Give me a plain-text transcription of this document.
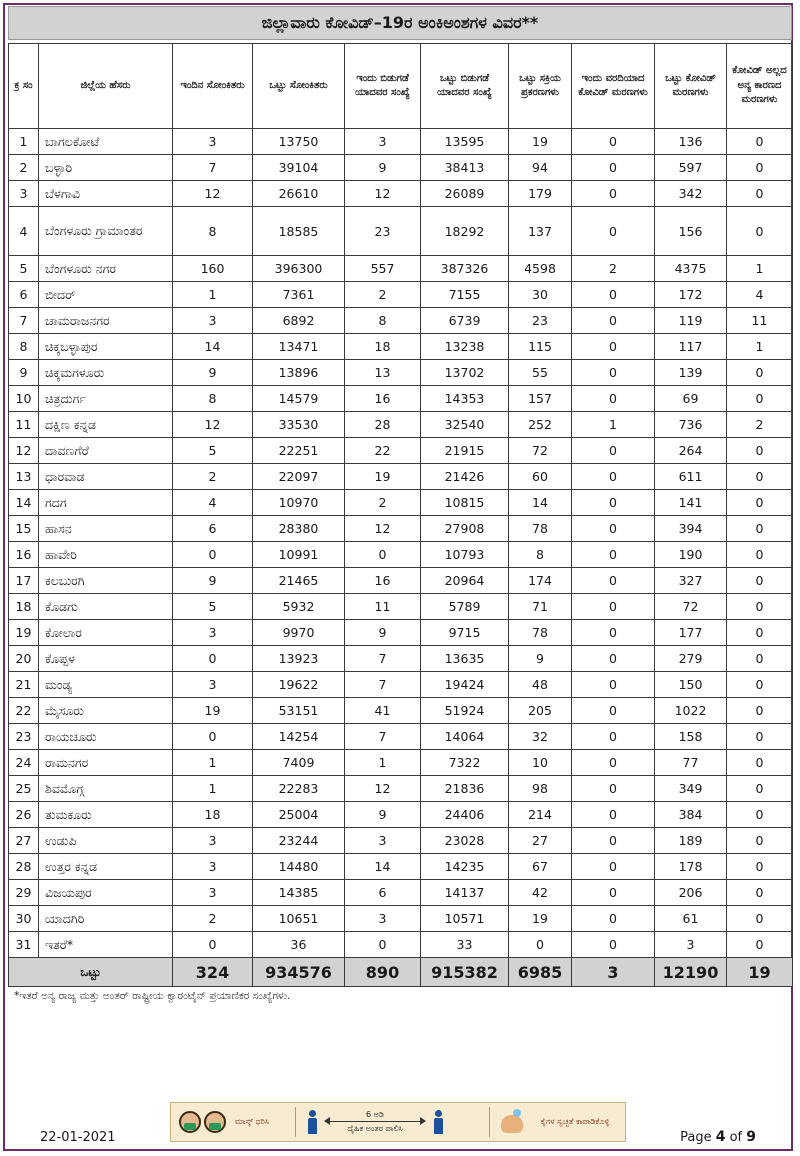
ಜಿಲ್ಲಾವಾರು ಕೋವಿಡ್–19ರ ಅಂಕಿಅಂಶಗಳ ವಿವರ**
ಕ್ರ ಸಂ	ಜಿಲ್ಲೆಯ ಹೆಸರು	ಇಂದಿನ ಸೋಂಕಿತರು	ಒಟ್ಟು ಸೋಂಕಿತರು	ಇಂದು ಬಿಡುಗಡೆ ಯಾದವರ ಸಂಖ್ಯೆ	ಒಟ್ಟು ಬಿಡುಗಡೆ ಯಾದವರ ಸಂಖ್ಯೆ	ಒಟ್ಟು ಸಕ್ರಿಯ ಪ್ರಕರಣಗಳು	ಇಂದು ವರದಿಯಾದ ಕೋವಿಡ್ ಮರಣಗಳು	ಒಟ್ಟು ಕೋವಿಡ್ ಮರಣಗಳು	ಕೋವಿಡ್ ಅಲ್ಲದ ಅನ್ಯ ಕಾರಣದ ಮರಣಗಳು
1	ಬಾಗಲಕೋಟೆ	3	13750	3	13595	19	0	136	0
2	ಬಳ್ಳಾರಿ	7	39104	9	38413	94	0	597	0
3	ಬೆಳಗಾವಿ	12	26610	12	26089	179	0	342	0
4	ಬೆಂಗಳೂರು ಗ್ರಾಮಾಂತರ	8	18585	23	18292	137	0	156	0
5	ಬೆಂಗಳೂರು ನಗರ	160	396300	557	387326	4598	2	4375	1
6	ಬೀದರ್	1	7361	2	7155	30	0	172	4
7	ಚಾಮರಾಜನಗರ	3	6892	8	6739	23	0	119	11
8	ಚಿಕ್ಕಬಳ್ಳಾಪುರ	14	13471	18	13238	115	0	117	1
9	ಚಿಕ್ಕಮಗಳೂರು	9	13896	13	13702	55	0	139	0
10	ಚಿತ್ರದುರ್ಗ	8	14579	16	14353	157	0	69	0
11	ದಕ್ಷಿಣ ಕನ್ನಡ	12	33530	28	32540	252	1	736	2
12	ದಾವಣಗೆರೆ	5	22251	22	21915	72	0	264	0
13	ಧಾರವಾಡ	2	22097	19	21426	60	0	611	0
14	ಗದಗ	4	10970	2	10815	14	0	141	0
15	ಹಾಸನ	6	28380	12	27908	78	0	394	0
16	ಹಾವೇರಿ	0	10991	0	10793	8	0	190	0
17	ಕಲಬುರಗಿ	9	21465	16	20964	174	0	327	0
18	ಕೊಡಗು	5	5932	11	5789	71	0	72	0
19	ಕೋಲಾರ	3	9970	9	9715	78	0	177	0
20	ಕೊಪ್ಪಳ	0	13923	7	13635	9	0	279	0
21	ಮಂಡ್ಯ	3	19622	7	19424	48	0	150	0
22	ಮೈಸೂರು	19	53151	41	51924	205	0	1022	0
23	ರಾಯಚೂರು	0	14254	7	14064	32	0	158	0
24	ರಾಮನಗರ	1	7409	1	7322	10	0	77	0
25	ಶಿವಮೊಗ್ಗ	1	22283	12	21836	98	0	349	0
26	ತುಮಕೂರು	18	25004	9	24406	214	0	384	0
27	ಉಡುಪಿ	3	23244	3	23028	27	0	189	0
28	ಉತ್ತರ ಕನ್ನಡ	3	14480	14	14235	67	0	178	0
29	ವಿಜಯಪುರ	3	14385	6	14137	42	0	206	0
30	ಯಾದಗಿರಿ	2	10651	3	10571	19	0	61	0
31	ಇತರೆ*	0	36	0	33	0	0	3	0
ಒಟ್ಟು		324	934576	890	915382	6985	3	12190	19
*ಇತರೆ ಅನ್ಯ ರಾಜ್ಯ ಮತ್ತು ಅಂತರ್ ರಾಷ್ಟ್ರೀಯ ಕ್ವಾರಂಟೈನ್ ಪ್ರಯಾಣಿಕರ ಸಂಖ್ಯೆಗಳು.
ಮಾಸ್ಕ್ ಧರಿಸಿ
6 ಅಡಿ
ದೈಹಿಕ ಅಂತರ ಪಾಲಿಸಿ
ಕೈಗಳ ಸ್ವಚ್ಛತೆ ಕಾಪಾಡಿಕೊಳ್ಳಿ
22-01-2021	Page 4 of 9
